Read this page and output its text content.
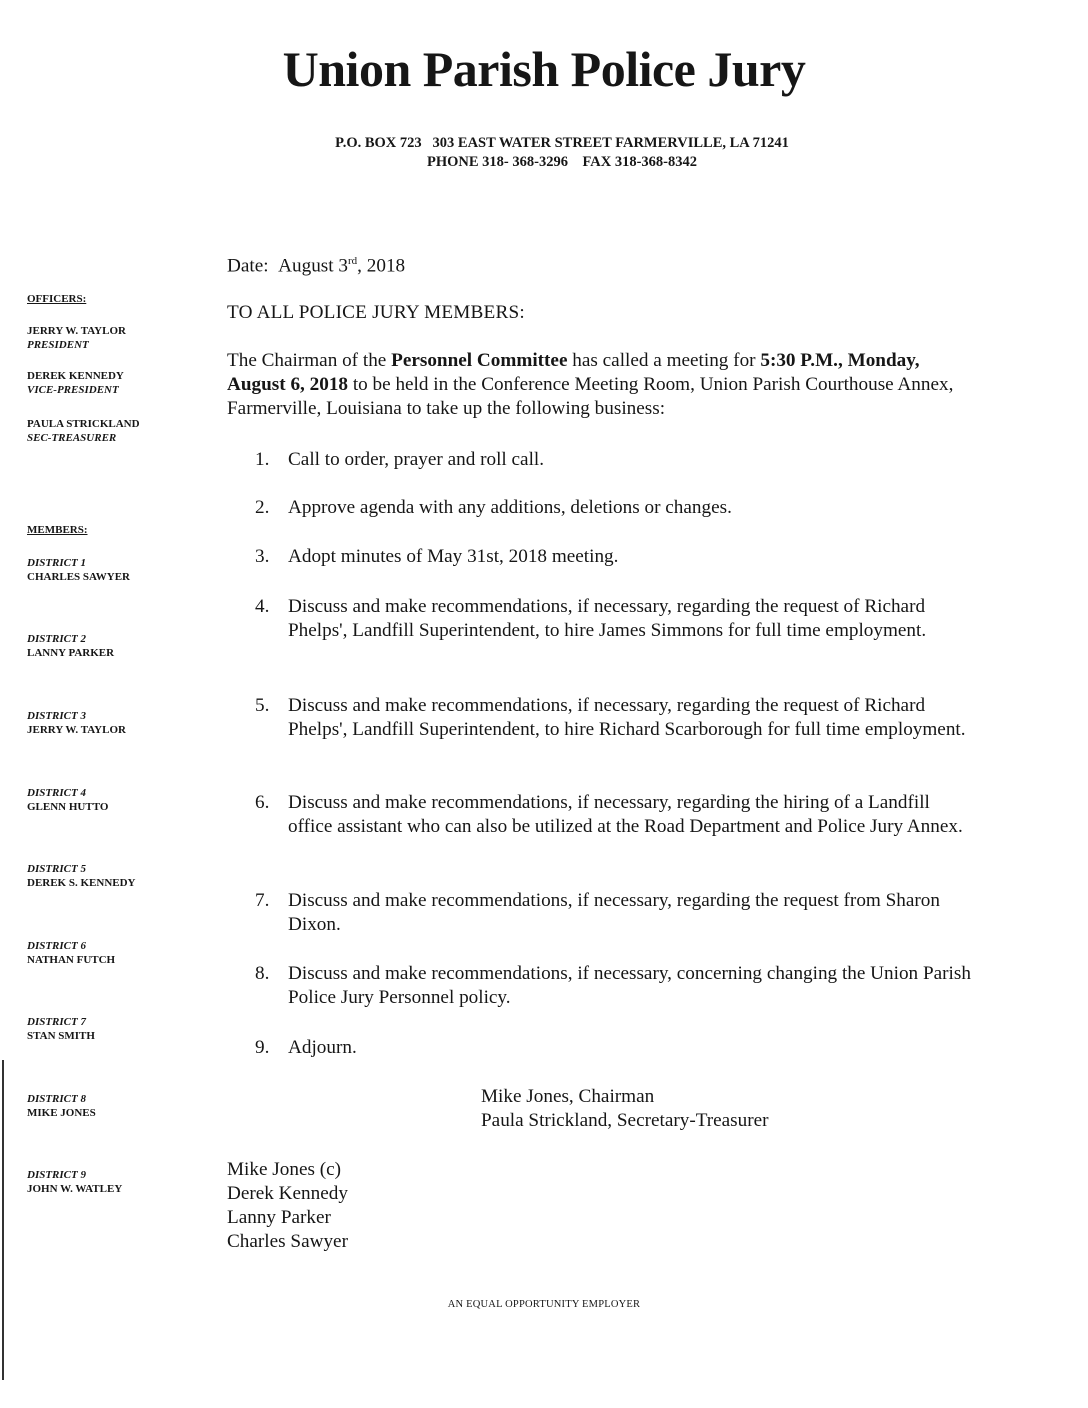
Union Parish Police Jury
P.O. BOX 723   303 EAST WATER STREET FARMERVILLE, LA 71241
PHONE 318- 368-3296    FAX 318-368-8342
OFFICERS:
JERRY W. TAYLOR
PRESIDENT
DEREK KENNEDY
VICE-PRESIDENT
PAULA STRICKLAND
SEC-TREASURER
MEMBERS:
DISTRICT 1
CHARLES SAWYER
DISTRICT 2
LANNY PARKER
DISTRICT 3
JERRY W. TAYLOR
DISTRICT 4
GLENN HUTTO
DISTRICT 5
DEREK S. KENNEDY
DISTRICT 6
NATHAN FUTCH
DISTRICT 7
STAN SMITH
DISTRICT 8
MIKE JONES
DISTRICT 9
JOHN W. WATLEY
Date: August 3rd, 2018
TO ALL POLICE JURY MEMBERS:
The Chairman of the Personnel Committee has called a meeting for 5:30 P.M., Monday, August 6, 2018 to be held in the Conference Meeting Room, Union Parish Courthouse Annex, Farmerville, Louisiana to take up the following business:
1. Call to order, prayer and roll call.
2. Approve agenda with any additions, deletions or changes.
3. Adopt minutes of May 31st, 2018 meeting.
4. Discuss and make recommendations, if necessary, regarding the request of Richard Phelps', Landfill Superintendent, to hire James Simmons for full time employment.
5. Discuss and make recommendations, if necessary, regarding the request of Richard Phelps', Landfill Superintendent, to hire Richard Scarborough for full time employment.
6. Discuss and make recommendations, if necessary, regarding the hiring of a Landfill office assistant who can also be utilized at the Road Department and Police Jury Annex.
7. Discuss and make recommendations, if necessary, regarding the request from Sharon Dixon.
8. Discuss and make recommendations, if necessary, concerning changing the Union Parish Police Jury Personnel policy.
9. Adjourn.
Mike Jones, Chairman
Paula Strickland, Secretary-Treasurer
Mike Jones (c)
Derek Kennedy
Lanny Parker
Charles Sawyer
AN EQUAL OPPORTUNITY EMPLOYER
